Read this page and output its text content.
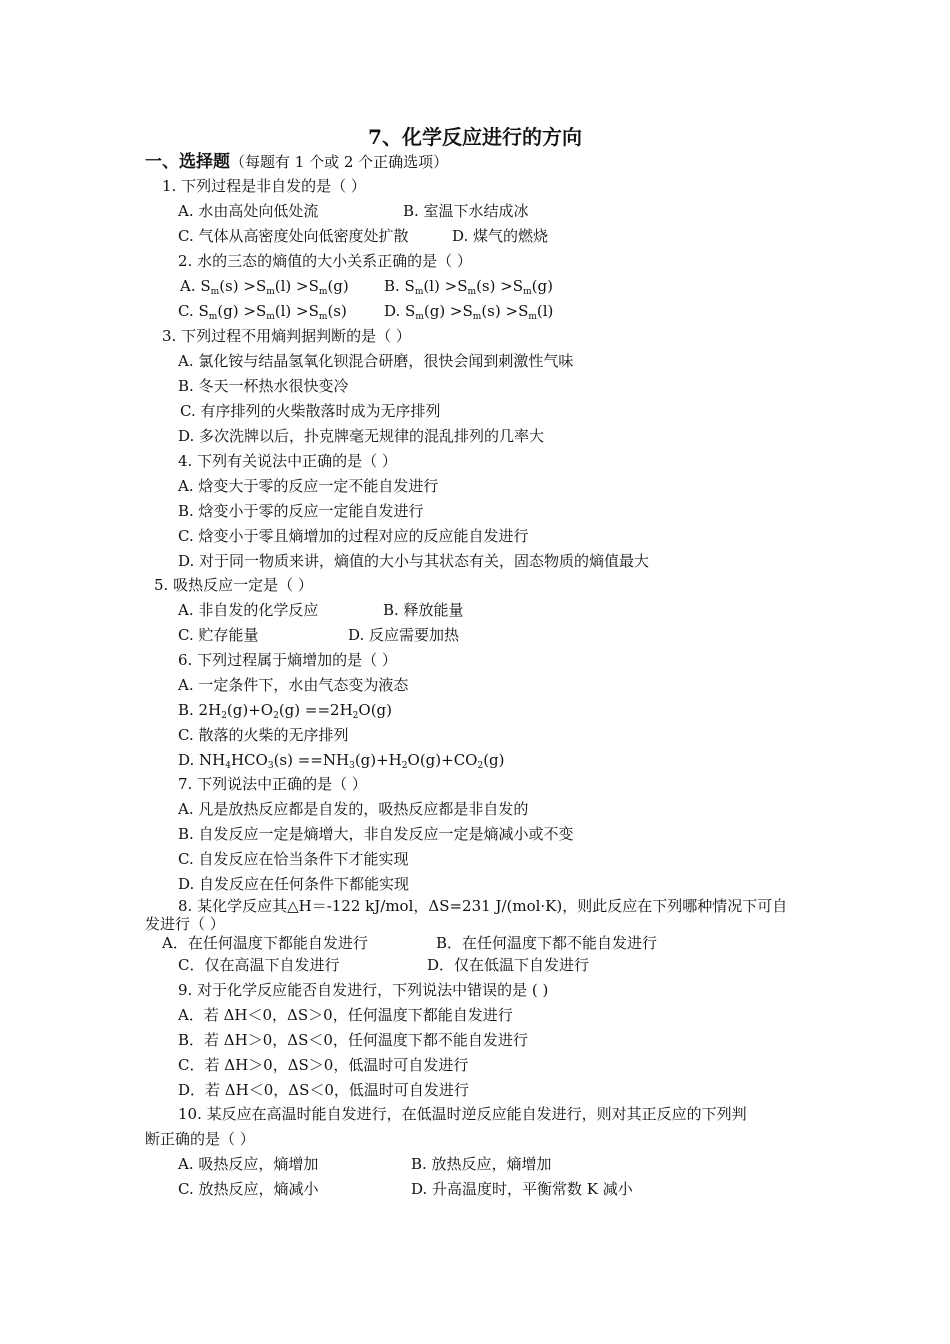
7、化学反应进行的方向
一、选择题（每题有 1 个或 2 个正确选项）
1. 下列过程是非自发的是（ ）
A. 水由高处向低处流	B. 室温下水结成冰
C. 气体从高密度处向低密度处扩散	D. 煤气的燃烧
2. 水的三态的熵值的大小关系正确的是（ ）
A. $S_m(s) >S_m(l) >S_m(g)$ B. $S_m(l) >S_m(s) >S_m(g)$
C. $S_m(g) >S_m(l) >S_m(s)$ D. $S_m(g) >S_m(s) >S_m(l)$
3. 下列过程不用熵判据判断的是（ ）
A. 氯化铵与结晶氢氧化钡混合研磨，很快会闻到刺激性气味
B. 冬天一杯热水很快变冷
C. 有序排列的火柴散落时成为无序排列
D. 多次洗牌以后，扑克牌毫无规律的混乱排列的几率大
4. 下列有关说法中正确的是（ ）
A. 焓变大于零的反应一定不能自发进行
B. 焓变小于零的反应一定能自发进行
C. 焓变小于零且熵增加的过程对应的反应能自发进行
D. 对于同一物质来讲，熵值的大小与其状态有关，固态物质的熵值最大
5. 吸热反应一定是（ ）
A. 非自发的化学反应	B. 释放能量
C. 贮存能量	D. 反应需要加热
6. 下列过程属于熵增加的是（ ）
A. 一定条件下，水由气态变为液态
B. $2H_2(g)+O_2(g) ==2H_2O(g)$
C. 散落的火柴的无序排列
D. $NH_4HCO_3(s) ==NH_3(g)+H_2O(g)+CO_2(g)$
7. 下列说法中正确的是（ ）
A. 凡是放热反应都是自发的，吸热反应都是非自发的
B. 自发反应一定是熵增大，非自发反应一定是熵减小或不变
C. 自发反应在恰当条件下才能实现
D. 自发反应在任何条件下都能实现
8. 某化学反应其△H＝-122 kJ/mol，ΔS=231 J/(mol·K)，则此反应在下列哪种情况下可自
发进行（ ）
A．在任何温度下都能自发进行	B．在任何温度下都不能自发进行
C．仅在高温下自发进行	D．仅在低温下自发进行
9. 对于化学反应能否自发进行，下列说法中错误的是 ( )
A．若 ΔH＜0，ΔS＞0，任何温度下都能自发进行
B．若 ΔH＞0，ΔS＜0，任何温度下都不能自发进行
C．若 ΔH＞0，ΔS＞0，低温时可自发进行
D．若 ΔH＜0，ΔS＜0，低温时可自发进行
10. 某反应在高温时能自发进行，在低温时逆反应能自发进行，则对其正反应的下列判
断正确的是（ ）
A. 吸热反应，熵增加	B. 放热反应，熵增加
C. 放热反应，熵减小	D. 升高温度时，平衡常数 K 减小
